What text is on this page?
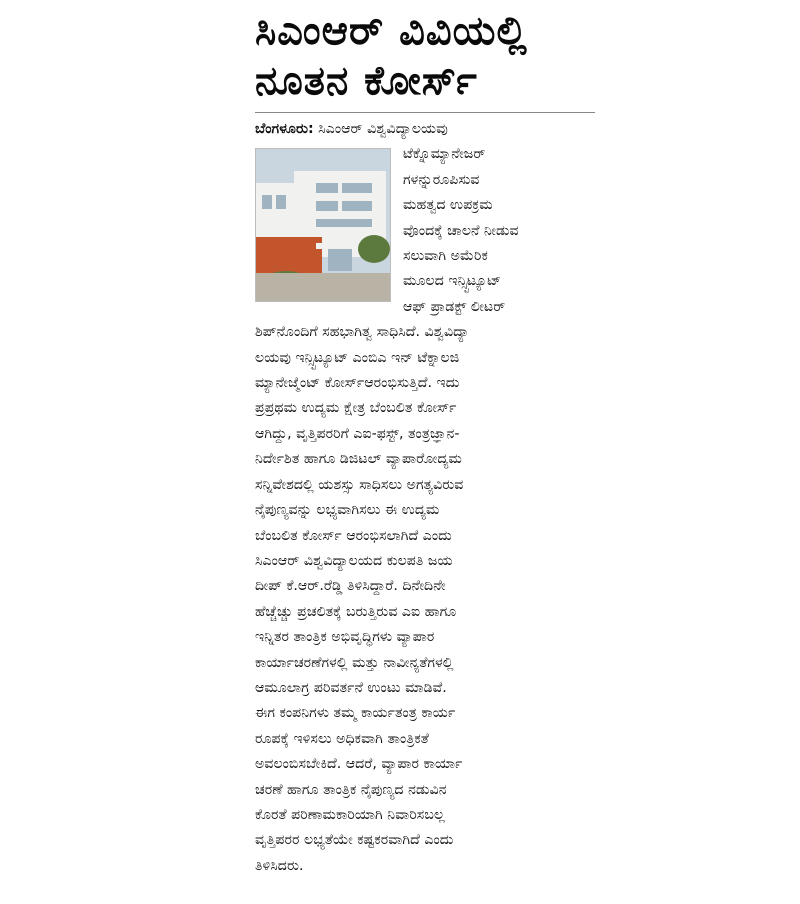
ಸಿಎಂಆರ್ ವಿವಿಯಲ್ಲಿ
ನೂತನ ಕೋರ್ಸ್
ಬೆಂಗಳೂರು: ಸಿಎಂಆರ್ ವಿಶ್ವವಿದ್ಯಾಲಯವು
ಟೆಕ್ನೊಮ್ಯಾನೇಜರ್
ಗಳನ್ನುರೂಪಿಸುವ
ಮಹತ್ವದ ಉಪಕ್ರಮ
ವೊಂದಕ್ಕೆ ಚಾಲನೆ ನೀಡುವ
ಸಲುವಾಗಿ ಅಮೆರಿಕ
ಮೂಲದ ಇನ್ಸ್ಟಿಟ್ಯೂಟ್
ಆಫ್ ಪ್ರಾಡಕ್ಟ್ ಲೀಟರ್
ಶಿಪ್‌ನೊಂದಿಗೆ ಸಹಭಾಗಿತ್ವ ಸಾಧಿಸಿದೆ. ವಿಶ್ವವಿದ್ಯಾ
ಲಯವು ಇನ್ಸ್ಟಿಟ್ಯೂಟ್ ಎಂಬಿಎ ಇನ್ ಟೆಕ್ನಾಲಜಿ
ಮ್ಯಾನೇಜ್ಮೆಂಟ್ ಕೋರ್ಸ್‌ಆರಂಭಿಸುತ್ತಿದೆ. ಇದು
ಪ್ರಪ್ರಥಮ ಉದ್ಯಮ ಕ್ಷೇತ್ರ ಬೆಂಬಲಿತ ಕೋರ್ಸ್
ಆಗಿದ್ದು, ವೃತ್ತಿಪರರಿಗೆ ಎಐ-ಫಸ್ಟ್, ತಂತ್ರಜ್ಞಾನ-
ನಿರ್ದೇಶಿತ ಹಾಗೂ ಡಿಜಿಟಲ್ ವ್ಯಾಪಾರೋದ್ಯಮ
ಸನ್ನಿವೇಶದಲ್ಲಿ ಯಶಸ್ಸು ಸಾಧಿಸಲು ಅಗತ್ಯವಿರುವ
ನೈಪುಣ್ಯವನ್ನು ಲಭ್ಯವಾಗಿಸಲು ಈ ಉದ್ಯಮ
ಬೆಂಬಲಿತ ಕೋರ್ಸ್ ಆರಂಭಿಸಲಾಗಿದೆ ಎಂದು
ಸಿಎಂಆರ್ ವಿಶ್ವವಿದ್ಯಾಲಯದ ಕುಲಪತಿ ಜಯ
ದೀಪ್ ಕೆ.ಆರ್.ರೆಡ್ಡಿ ತಿಳಿಸಿದ್ದಾರೆ. ದಿನೇದಿನೇ
ಹೆಚ್ಚೆಚ್ಚು ಪ್ರಚಲಿತಕ್ಕೆ ಬರುತ್ತಿರುವ ಎಐ ಹಾಗೂ
ಇನ್ನಿತರ ತಾಂತ್ರಿಕ ಅಭಿವೃದ್ಧಿಗಳು ವ್ಯಾಪಾರ
ಕಾರ್ಯಾಚರಣೆಗಳಲ್ಲಿ ಮತ್ತು ನಾವೀನ್ಯತೆಗಳಲ್ಲಿ
ಆಮೂಲಾಗ್ರ ಪರಿವರ್ತನೆ ಉಂಟು ಮಾಡಿವೆ.
ಈಗ ಕಂಪನಿಗಳು ತಮ್ಮ ಕಾರ್ಯತಂತ್ರ ಕಾರ್ಯ
ರೂಪಕ್ಕೆ ಇಳಿಸಲು ಅಧಿಕವಾಗಿ ತಾಂತ್ರಿಕತೆ
ಅವಲಂಬಿಸಬೇಕಿದೆ. ಆದರೆ, ವ್ಯಾಪಾರ ಕಾರ್ಯಾ
ಚರಣೆ ಹಾಗೂ ತಾಂತ್ರಿಕ ನೈಪುಣ್ಯದ ನಡುವಿನ
ಕೊರತೆ ಪರಿಣಾಮಕಾರಿಯಾಗಿ ನಿವಾರಿಸಬಲ್ಲ
ವೃತ್ತಿಪರರ ಲಭ್ಯತೆಯೇ ಕಷ್ಟಕರವಾಗಿದೆ ಎಂದು
ತಿಳಿಸಿದರು.
